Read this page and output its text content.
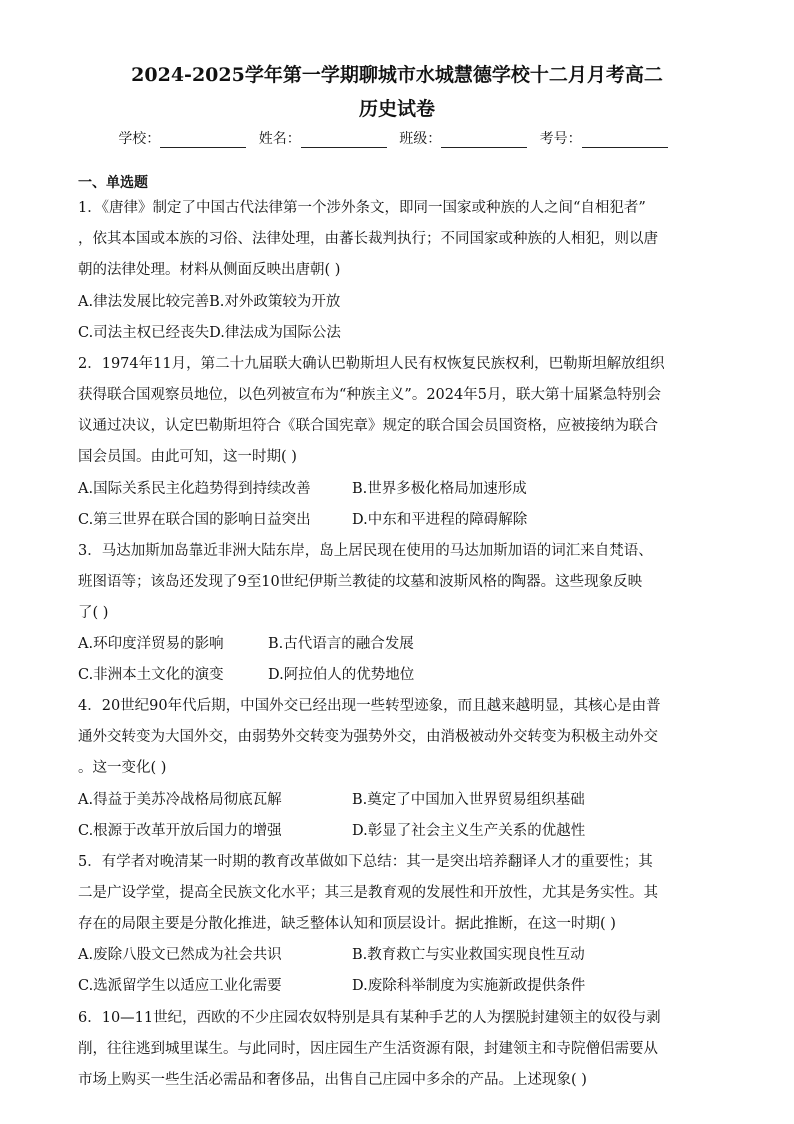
2024-2025学年第一学期聊城市水城慧德学校十二月月考高二
历史试卷
学校：	姓名：	班级：	考号：
一、单选题
1．《唐律》制定了中国古代法律第一个涉外条文，即同一国家或种族的人之间“自相犯者”
，依其本国或本族的习俗、法律处理，由蕃长裁判执行；不同国家或种族的人相犯，则以唐
朝的法律处理。材料从侧面反映出唐朝( )
A.律法发展比较完善B.对外政策较为开放
C.司法主权已经丧失D.律法成为国际公法
2．1974年11月，第二十九届联大确认巴勒斯坦人民有权恢复民族权利，巴勒斯坦解放组织
获得联合国观察员地位，以色列被宣布为“种族主义”。2024年5月，联大第十届紧急特别会
议通过决议，认定巴勒斯坦符合《联合国宪章》规定的联合国会员国资格，应被接纳为联合
国会员国。由此可知，这一时期( )
A.国际关系民主化趋势得到持续改善	B.世界多极化格局加速形成
C.第三世界在联合国的影响日益突出	D.中东和平进程的障碍解除
3．马达加斯加岛靠近非洲大陆东岸，岛上居民现在使用的马达加斯加语的词汇来自梵语、
班图语等；该岛还发现了9至10世纪伊斯兰教徒的坟墓和波斯风格的陶器。这些现象反映
了( )
A.环印度洋贸易的影响	B.古代语言的融合发展
C.非洲本土文化的演变	D.阿拉伯人的优势地位
4．20世纪90年代后期，中国外交已经出现一些转型迹象，而且越来越明显，其核心是由普
通外交转变为大国外交，由弱势外交转变为强势外交，由消极被动外交转变为积极主动外交
。这一变化( )
A.得益于美苏冷战格局彻底瓦解	B.奠定了中国加入世界贸易组织基础
C.根源于改革开放后国力的增强	D.彰显了社会主义生产关系的优越性
5．有学者对晚清某一时期的教育改革做如下总结：其一是突出培养翻译人才的重要性；其
二是广设学堂，提高全民族文化水平；其三是教育观的发展性和开放性，尤其是务实性。其
存在的局限主要是分散化推进，缺乏整体认知和顶层设计。据此推断，在这一时期( )
A.废除八股文已然成为社会共识	B.教育救亡与实业救国实现良性互动
C.选派留学生以适应工业化需要	D.废除科举制度为实施新政提供条件
6．10—11世纪，西欧的不少庄园农奴特别是具有某种手艺的人为摆脱封建领主的奴役与剥
削，往往逃到城里谋生。与此同时，因庄园生产生活资源有限，封建领主和寺院僧侣需要从
市场上购买一些生活必需品和奢侈品，出售自己庄园中多余的产品。上述现象( )
